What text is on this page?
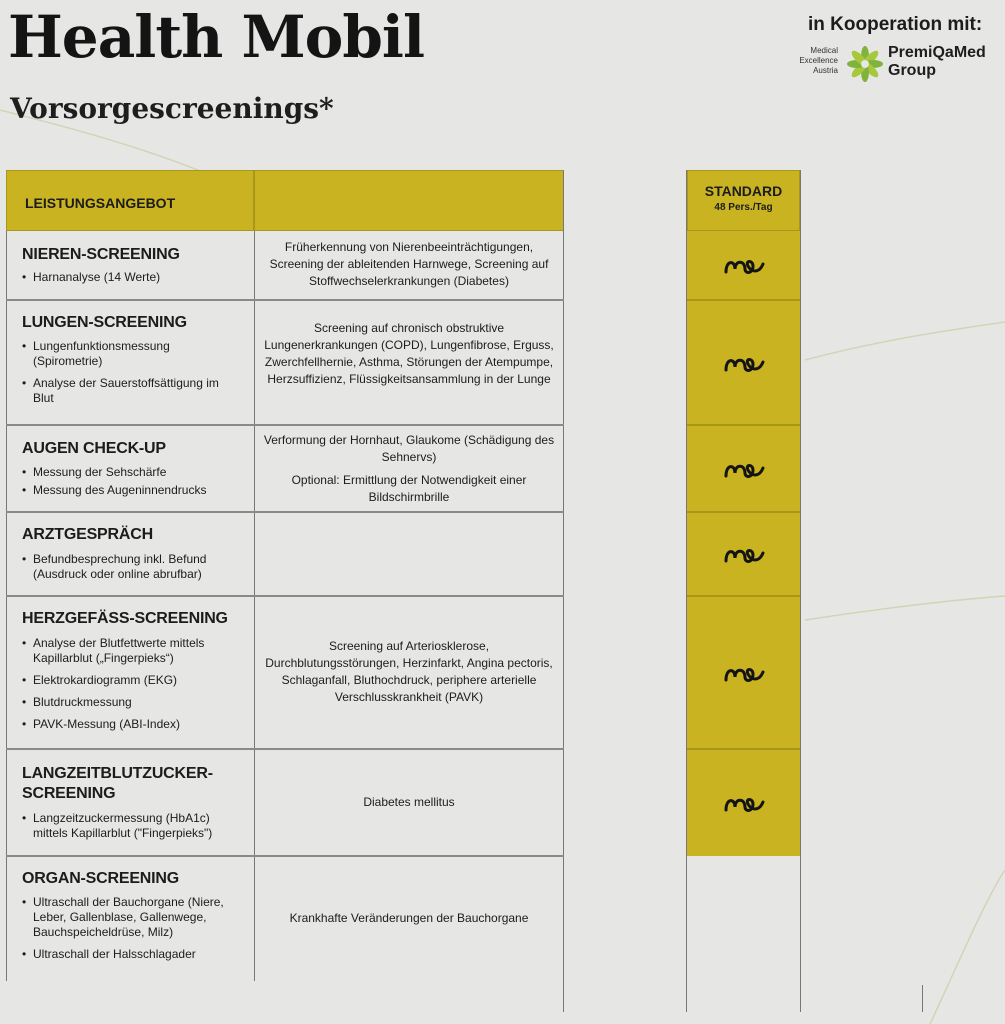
Health Mobil
Vorsorgescreenings*
in Kooperation mit:
Medical
Excellence
Austria
PremiQaMed
Group
LEISTUNGSANGEBOT
STANDARD
48 Pers./Tag
NIEREN-SCREENING
• Harnanalyse (14 Werte)

Früherkennung von Nierenbeeinträchtigungen, Screening der ableitenden Harnwege, Screening auf Stoffwechselerkrankungen (Diabetes)

LUNGEN-SCREENING
• Lungenfunktionsmessung (Spirometrie)
• Analyse der Sauerstoffsättigung im Blut

Screening auf chronisch obstruktive Lungenerkrankungen (COPD), Lungenfibrose, Erguss, Zwerchfellhernie, Asthma, Störungen der Atempumpe, Herzsuffizienz, Flüssigkeitsansammlung in der Lunge

AUGEN CHECK-UP
• Messung der Sehschärfe
• Messung des Augeninnendrucks

Verformung der Hornhaut, Glaukome (Schädigung des Sehnervs)

Optional: Ermittlung der Notwendigkeit einer Bildschirmbrille

ARZTGESPRÄCH
• Befundbesprechung inkl. Befund (Ausdruck oder online abrufbar)
HERZGEFÄSS-SCREENING
• Analyse der Blutfettwerte mittels Kapillarblut („Fingerpieks“)
• Elektrokardiogramm (EKG)
• Blutdruckmessung
• PAVK-Messung (ABI-Index)

Screening auf Arteriosklerose, Durchblutungsstörungen, Herzinfarkt, Angina pectoris, Schlaganfall, Bluthochdruck, periphere arterielle Verschlusskrankheit (PAVK)

LANGZEITBLUTZUCKER-SCREENING
• Langzeitzuckermessung (HbA1c) mittels Kapillarblut ("Fingerpieks")

Diabetes mellitus

ORGAN-SCREENING
• Ultraschall der Bauchorgane (Niere, Leber, Gallenblase, Gallenwege, Bauchspeicheldrüse, Milz)
• Ultraschall der Halsschlagader

Krankhafte Veränderungen der Bauchorgane
